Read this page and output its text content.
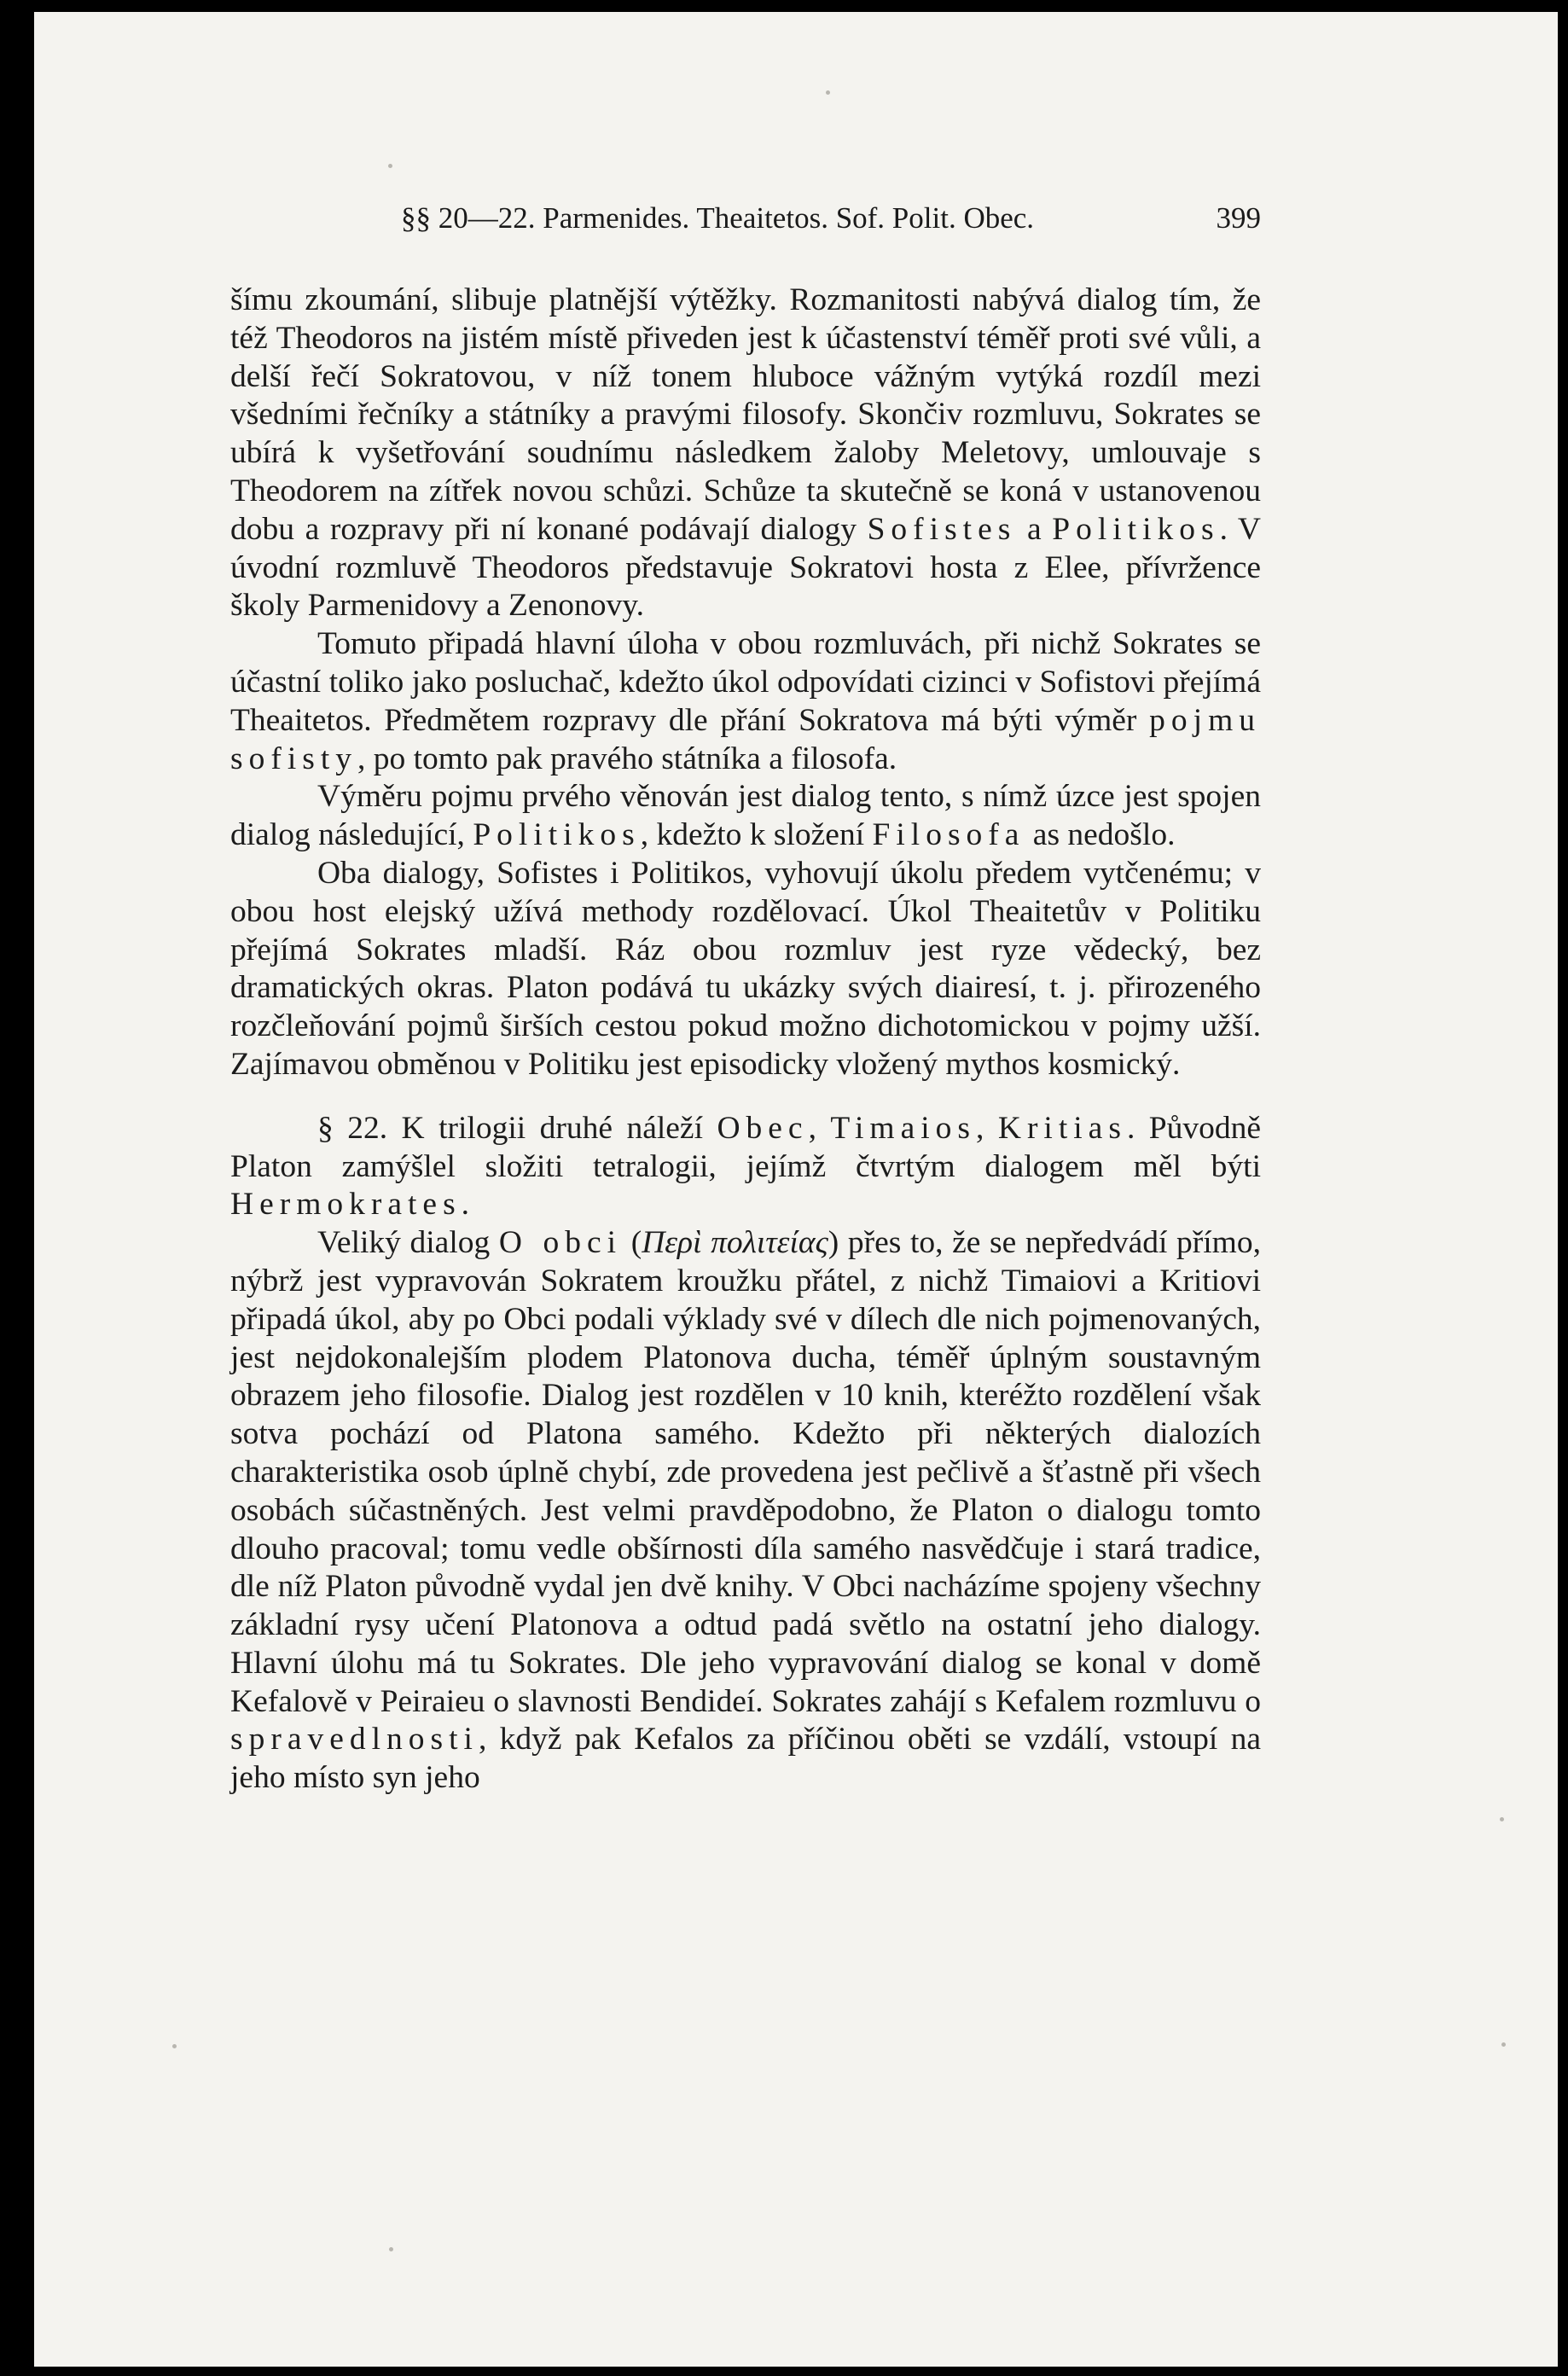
§§ 20—22. Parmenides. Theaitetos. Sof. Polit. Obec.	399

šímu zkoumání, slibuje platnější výtěžky. Rozmanitosti nabývá dialog tím, že též Theodoros na jistém místě přiveden jest k účastenství téměř proti své vůli, a delší řečí Sokratovou, v níž tonem hluboce vážným vytýká rozdíl mezi všedními řečníky a státníky a pravými filosofy. Skončiv rozmluvu, Sokrates se ubírá k vyšetřování soudnímu následkem žaloby Meletovy, umlouvaje s Theodorem na zítřek novou schůzi. Schůze ta skutečně se koná v ustanovenou dobu a rozpravy při ní konané podávají dialogy Sofistes a Politikos. V úvodní rozmluvě Theodoros představuje Sokratovi hosta z Elee, přívržence školy Parmenidovy a Zenonovy.

Tomuto připadá hlavní úloha v obou rozmluvách, při nichž Sokrates se účastní toliko jako posluchač, kdežto úkol odpovídati cizinci v Sofistovi přejímá Theaitetos. Předmětem rozpravy dle přání Sokratova má býti výměr pojmu sofisty, po tomto pak pravého státníka a filosofa.

Výměru pojmu prvého věnován jest dialog tento, s nímž úzce jest spojen dialog následující, Politikos, kdežto k složení Filosofa as nedošlo.

Oba dialogy, Sofistes i Politikos, vyhovují úkolu předem vytčenému; v obou host elejský užívá methody rozdělovací. Úkol Theaitetův v Politiku přejímá Sokrates mladší. Ráz obou rozmluv jest ryze vědecký, bez dramatických okras. Platon podává tu ukázky svých diairesí, t. j. přirozeného rozčleňování pojmů širších cestou pokud možno dichotomickou v pojmy užší. Zajímavou obměnou v Politiku jest episodicky vložený mythos kosmický.

§ 22. K trilogii druhé náleží Obec, Timaios, Kritias. Původně Platon zamýšlel složiti tetralogii, jejímž čtvrtým dialogem měl býti Hermokrates.

Veliký dialog O obci (Περὶ πολιτείας) přes to, že se nepředvádí přímo, nýbrž jest vypravován Sokratem kroužku přátel, z nichž Timaiovi a Kritiovi připadá úkol, aby po Obci podali výklady své v dílech dle nich pojmenovaných, jest nejdokonalejším plodem Platonova ducha, téměř úplným soustavným obrazem jeho filosofie. Dialog jest rozdělen v 10 knih, kteréžto rozdělení však sotva pochází od Platona samého. Kdežto při některých dialozích charakteristika osob úplně chybí, zde provedena jest pečlivě a šťastně při všech osobách súčastněných. Jest velmi pravděpodobno, že Platon o dialogu tomto dlouho pracoval; tomu vedle obšírnosti díla samého nasvědčuje i stará tradice, dle níž Platon původně vydal jen dvě knihy. V Obci nacházíme spojeny všechny základní rysy učení Platonova a odtud padá světlo na ostatní jeho dialogy. Hlavní úlohu má tu Sokrates. Dle jeho vypravování dialog se konal v domě Kefalově v Peiraieu o slavnosti Bendideí. Sokrates zahájí s Kefalem rozmluvu o spravedlnosti, když pak Kefalos za příčinou oběti se vzdálí, vstoupí na jeho místo syn jeho
